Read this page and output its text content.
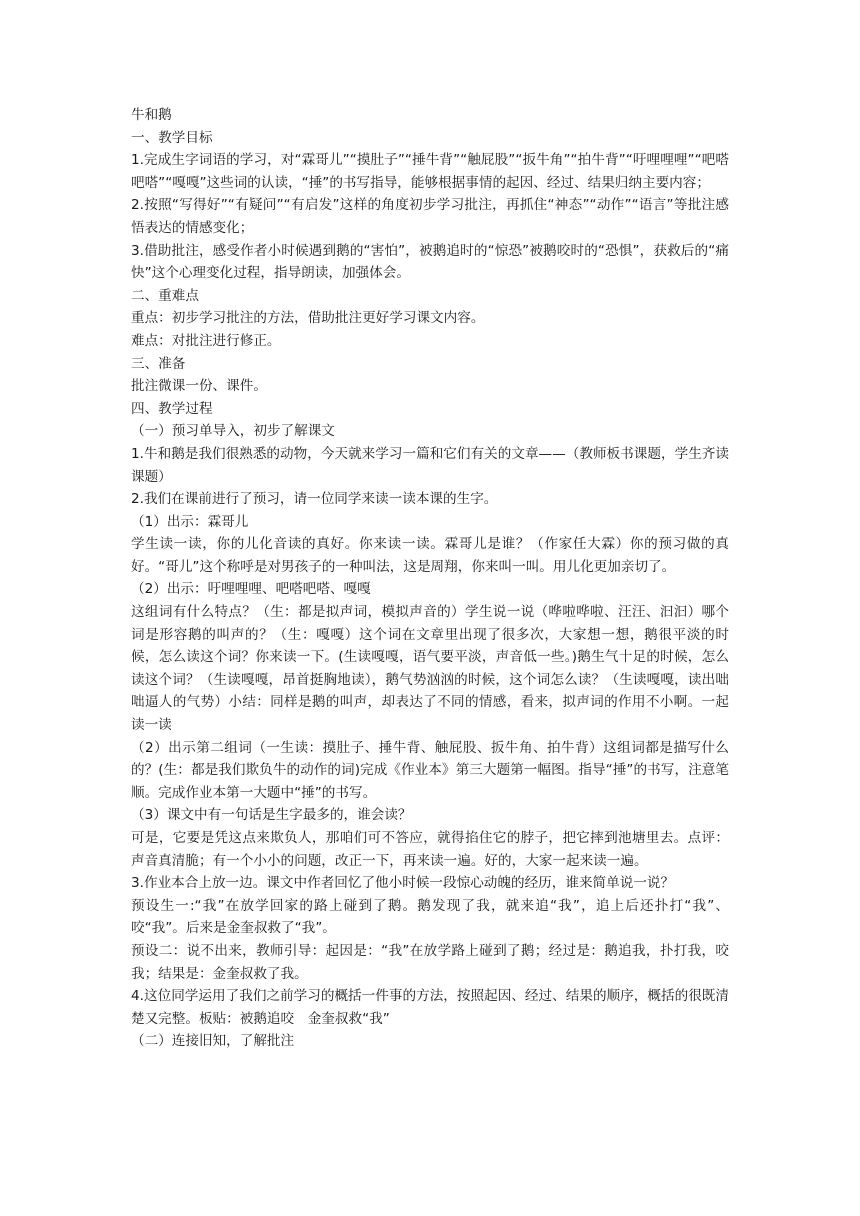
牛和鹅
一、教学目标
1.完成生字词语的学习，对“霖哥儿”“摸肚子”“捶牛背”“触屁股”“扳牛角”“拍牛背”“吁哩哩哩”“吧嗒吧嗒”“嘎嘎”这些词的认读，“捶”的书写指导，能够根据事情的起因、经过、结果归纳主要内容；
2.按照“写得好”“有疑问”“有启发”这样的角度初步学习批注，再抓住“神态”“动作”“语言”等批注感悟表达的情感变化；
3.借助批注，感受作者小时候遇到鹅的“害怕”，被鹅追时的“惊恐”被鹅咬时的“恐惧”，获救后的“痛快”这个心理变化过程，指导朗读，加强体会。
二、重难点
重点：初步学习批注的方法，借助批注更好学习课文内容。
难点：对批注进行修正。
三、准备
批注微课一份、课件。
四、教学过程
（一）预习单导入，初步了解课文
1.牛和鹅是我们很熟悉的动物，今天就来学习一篇和它们有关的文章——（教师板书课题，学生齐读课题）
2.我们在课前进行了预习，请一位同学来读一读本课的生字。
（1）出示：霖哥儿
学生读一读，你的儿化音读的真好。你来读一读。霖哥儿是谁？（作家任大霖）你的预习做的真好。“哥儿”这个称呼是对男孩子的一种叫法，这是周翔，你来叫一叫。用儿化更加亲切了。
（2）出示：吁哩哩哩、吧嗒吧嗒、嘎嘎
这组词有什么特点？（生：都是拟声词，模拟声音的）学生说一说（哗啦哗啦、汪汪、汩汩）哪个词是形容鹅的叫声的？（生：嘎嘎）这个词在文章里出现了很多次，大家想一想，鹅很平淡的时候，怎么读这个词？你来读一下。(生读嘎嘎，语气要平淡，声音低一些。)鹅生气十足的时候，怎么读这个词？（生读嘎嘎，昂首挺胸地读），鹅气势汹汹的时候，这个词怎么读？（生读嘎嘎，读出咄咄逼人的气势）小结：同样是鹅的叫声，却表达了不同的情感，看来，拟声词的作用不小啊。一起读一读
（2）出示第二组词（一生读：摸肚子、捶牛背、触屁股、扳牛角、拍牛背）这组词都是描写什么的？(生：都是我们欺负牛的动作的词)完成《作业本》第三大题第一幅图。指导“捶”的书写，注意笔顺。完成作业本第一大题中“捶”的书写。
（3）课文中有一句话是生字最多的，谁会读？
可是，它要是凭这点来欺负人，那咱们可不答应，就得掐住它的脖子，把它摔到池塘里去。点评：声音真清脆；有一个小小的问题，改正一下，再来读一遍。好的，大家一起来读一遍。
3.作业本合上放一边。课文中作者回忆了他小时候一段惊心动魄的经历，谁来简单说一说？
预设生一:“我”在放学回家的路上碰到了鹅。鹅发现了我，就来追“我”，追上后还扑打“我”、咬“我”。后来是金奎叔救了“我”。
预设二：说不出来，教师引导：起因是：“我”在放学路上碰到了鹅；经过是：鹅追我，扑打我，咬我；结果是：金奎叔救了我。
4.这位同学运用了我们之前学习的概括一件事的方法，按照起因、经过、结果的顺序，概括的很既清楚又完整。板贴：被鹅追咬　金奎叔救“我”
（二）连接旧知，了解批注
